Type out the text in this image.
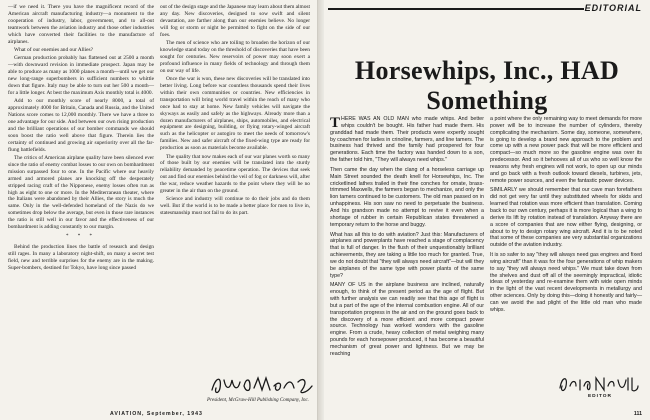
—if we need it. There you have the magnificent record of the American aircraft manufacturing industry—a monument to the cooperation of industry, labor, government, and to all-out teamwork between the aviation industry and those other industries which have converted their facilities to the manufacture of airplanes.

What of our enemies and our Allies?

German production probably has flattened out at 2500 a month—with downward revision in immediate prospect. Japan may be able to produce as many as 1000 planes a month—until we get our new long-range superbombers in sufficient numbers to whittle down that figure. Italy may be able to turn out her 500 a month—for a little longer. At best the maximum Axis monthly total is 4000.

Add to our monthly score of nearly 8000, a total of approximately 4000 for Britain, Canada and Russia, and the United Nations score comes to 12,000 monthly. There we have a three to one advantage for our side. And between our own rising production and the brilliant operations of our bomber commands we should soon boost the ratio well above that figure. Therein lies the certainty of continued and growing air superiority over all the far-flung battlefields.

The critics of American airplane quality have been silenced ever since the ratio of enemy combat losses to our own on bombardment mission surpassed four to one. In the Pacific where our heavily armed and armored planes are knocking off the desperately stripped racing craft of the Nipponese, enemy losses often run as high as eight to one or more. In the Mediterranean theater, where the Italians were abandoned by their Allies, the story is much the same. Only in the well-defended homeland of the Nazis do we sometimes drop below the average, but even in those rare instances the ratio is still well in our favor and the effectiveness of our bombardment is adding constantly to our margin.

* * *

Behind the production lines the battle of research and design still rages. In many a laboratory night-shift, on many a secret test field, new and terrible surprises for the enemy are in the making. Super-bombers, destined for Tokyo, have long since passed

out of the design stage and the Japanese may learn about them almost any day. New discoveries, designed to sow swift and silent devastation, are farther along than our enemies believe. No longer will fog or storm or night be permitted to fight on the side of our foes.

The men of science who are toiling to broaden the horizon of our knowledge stand today on the threshold of discoveries that have been sought for centuries. New reservoirs of power may soon exert a profound influence in many fields of technology and through them on our way of life.

Once the war is won, these new discoveries will be translated into better living. Long before war countless thousands spend their lives within their own communities or countries. New efficiencies in transportation will bring world travel within the reach of many who once had to stay at home. New family vehicles will navigate the skyways as easily and safely as the highways. Already more than a dozen manufacturers of airplanes, ships, automobiles, and electrical equipment are designing, building, or flying rotary-winged aircraft such as the helicopter or autogiro to meet the needs of tomorrow's families. New and safer aircraft of the fixed-wing type are ready for production as soon as materials become available.

The quality that now makes each of our war planes worth so many of those built by our enemies will be translated into the sturdy reliability demanded by peacetime operation. The devices that seek out and find our enemies behind the veil of fog or darkness will, after the war, reduce weather hazards to the point where they will be no greater in the air than on the ground.

Science and industry will continue to do their jobs and do them well. But if the world is to be made a better place for men to live in, statesmanship must not fail to do its part.

President, McGraw-Hill Publishing Company, Inc.
EDITORIAL
Horsewhips, Inc., HAD Something

THERE WAS AN OLD MAN who made whips. And better whips couldn't be bought. His father had made them. His granddad had made them. Their products were expertly sought by coachmen for ladies in crinoline, farmers, and line tamers. The business had thrived and the family had prospered for four generations. Each time the factory was handed down to a son, the father told him, "They will always need whips."

Then came the day when the clang of a horseless carriage up Main Street sounded the death knell for Horsewhips, Inc. The cricketlined lathes trailed in their fine conches for ornate, brass-trimmed Maxwells, the farmers began to mechanize, and only the lion tamers continued to be customers. The old man passed on in unhappiness. His son saw no need to perpetuate the business. And his grandson made no attempt to revive it even when a shortage of rubber in certain Republican states threatened a temporary return to the horse and buggy.

What has all this to do with aviation? Just this: Manufacturers of airplanes and powerplants have reached a stage of complacency that is full of danger. In the flush of their unquestionably brilliant achievements, they are taking a little too much for granted. True, we do not doubt that "they will always need aircraft"—but will they be airplanes of the same type with power plants of the same type?

MANY OF US in the airplane business are inclined, naturally enough, to think of the present period as the age of flight. But with further analysis we can readily see that this age of flight is but a part of the age of the internal combustion engine. All of our transportation progress in the air and on the ground goes back to the discovery of a more efficient and more compact power source. Technology has worked wonders with the gasoline engine. From a crude, heavy collection of metal weighing many pounds for each horsepower produced, it has become a beautiful mechanism of great power and lightness. But we may be reaching

a point where the only remaining way to meet demands for more power will be to increase the number of cylinders, thereby complicating the mechanism. Some day, someone, somewhere, is going to develop a brand new approach to the problem and come up with a new power pack that will be more efficient and compact—so much more so the gasoline engine was over its predecessor. And so it behooves all of us who so well know the reasons why fresh engines will not work, to open up our minds and go back with a fresh outlook toward diesels, turbines, jets, remote power sources, and even the fantastic power devices.

SIMILARLY we should remember that our cave man forefathers did not get very far until they substituted wheels for skids and learned that rotation was more efficient than translation. Coming back to our own century, perhaps it is more logical than a wing to derive its lift by rotation instead of translation. Anyway there are a score of companies that are now either flying, designing, or about to try to design rotary wing aircraft. And it is to be noted that some of these companies are very substantial organizations outside of the aviation industry.

It is so safer to say "they will always need gas engines and fixed wing aircraft" than it was for the four generations of whip makers to say "they will always need whips." We must take down from the shelves and dust off all of the seemingly impractical, idiotic ideas of yesterday and re-examine them with wide open minds in the light of the vast recent developments in metallurgy and other sciences. Only by doing this—doing it honestly and fairly—can we avoid the sad plight of the little old man who made whips.

EDITOR
AVIATION, September, 1943	111
